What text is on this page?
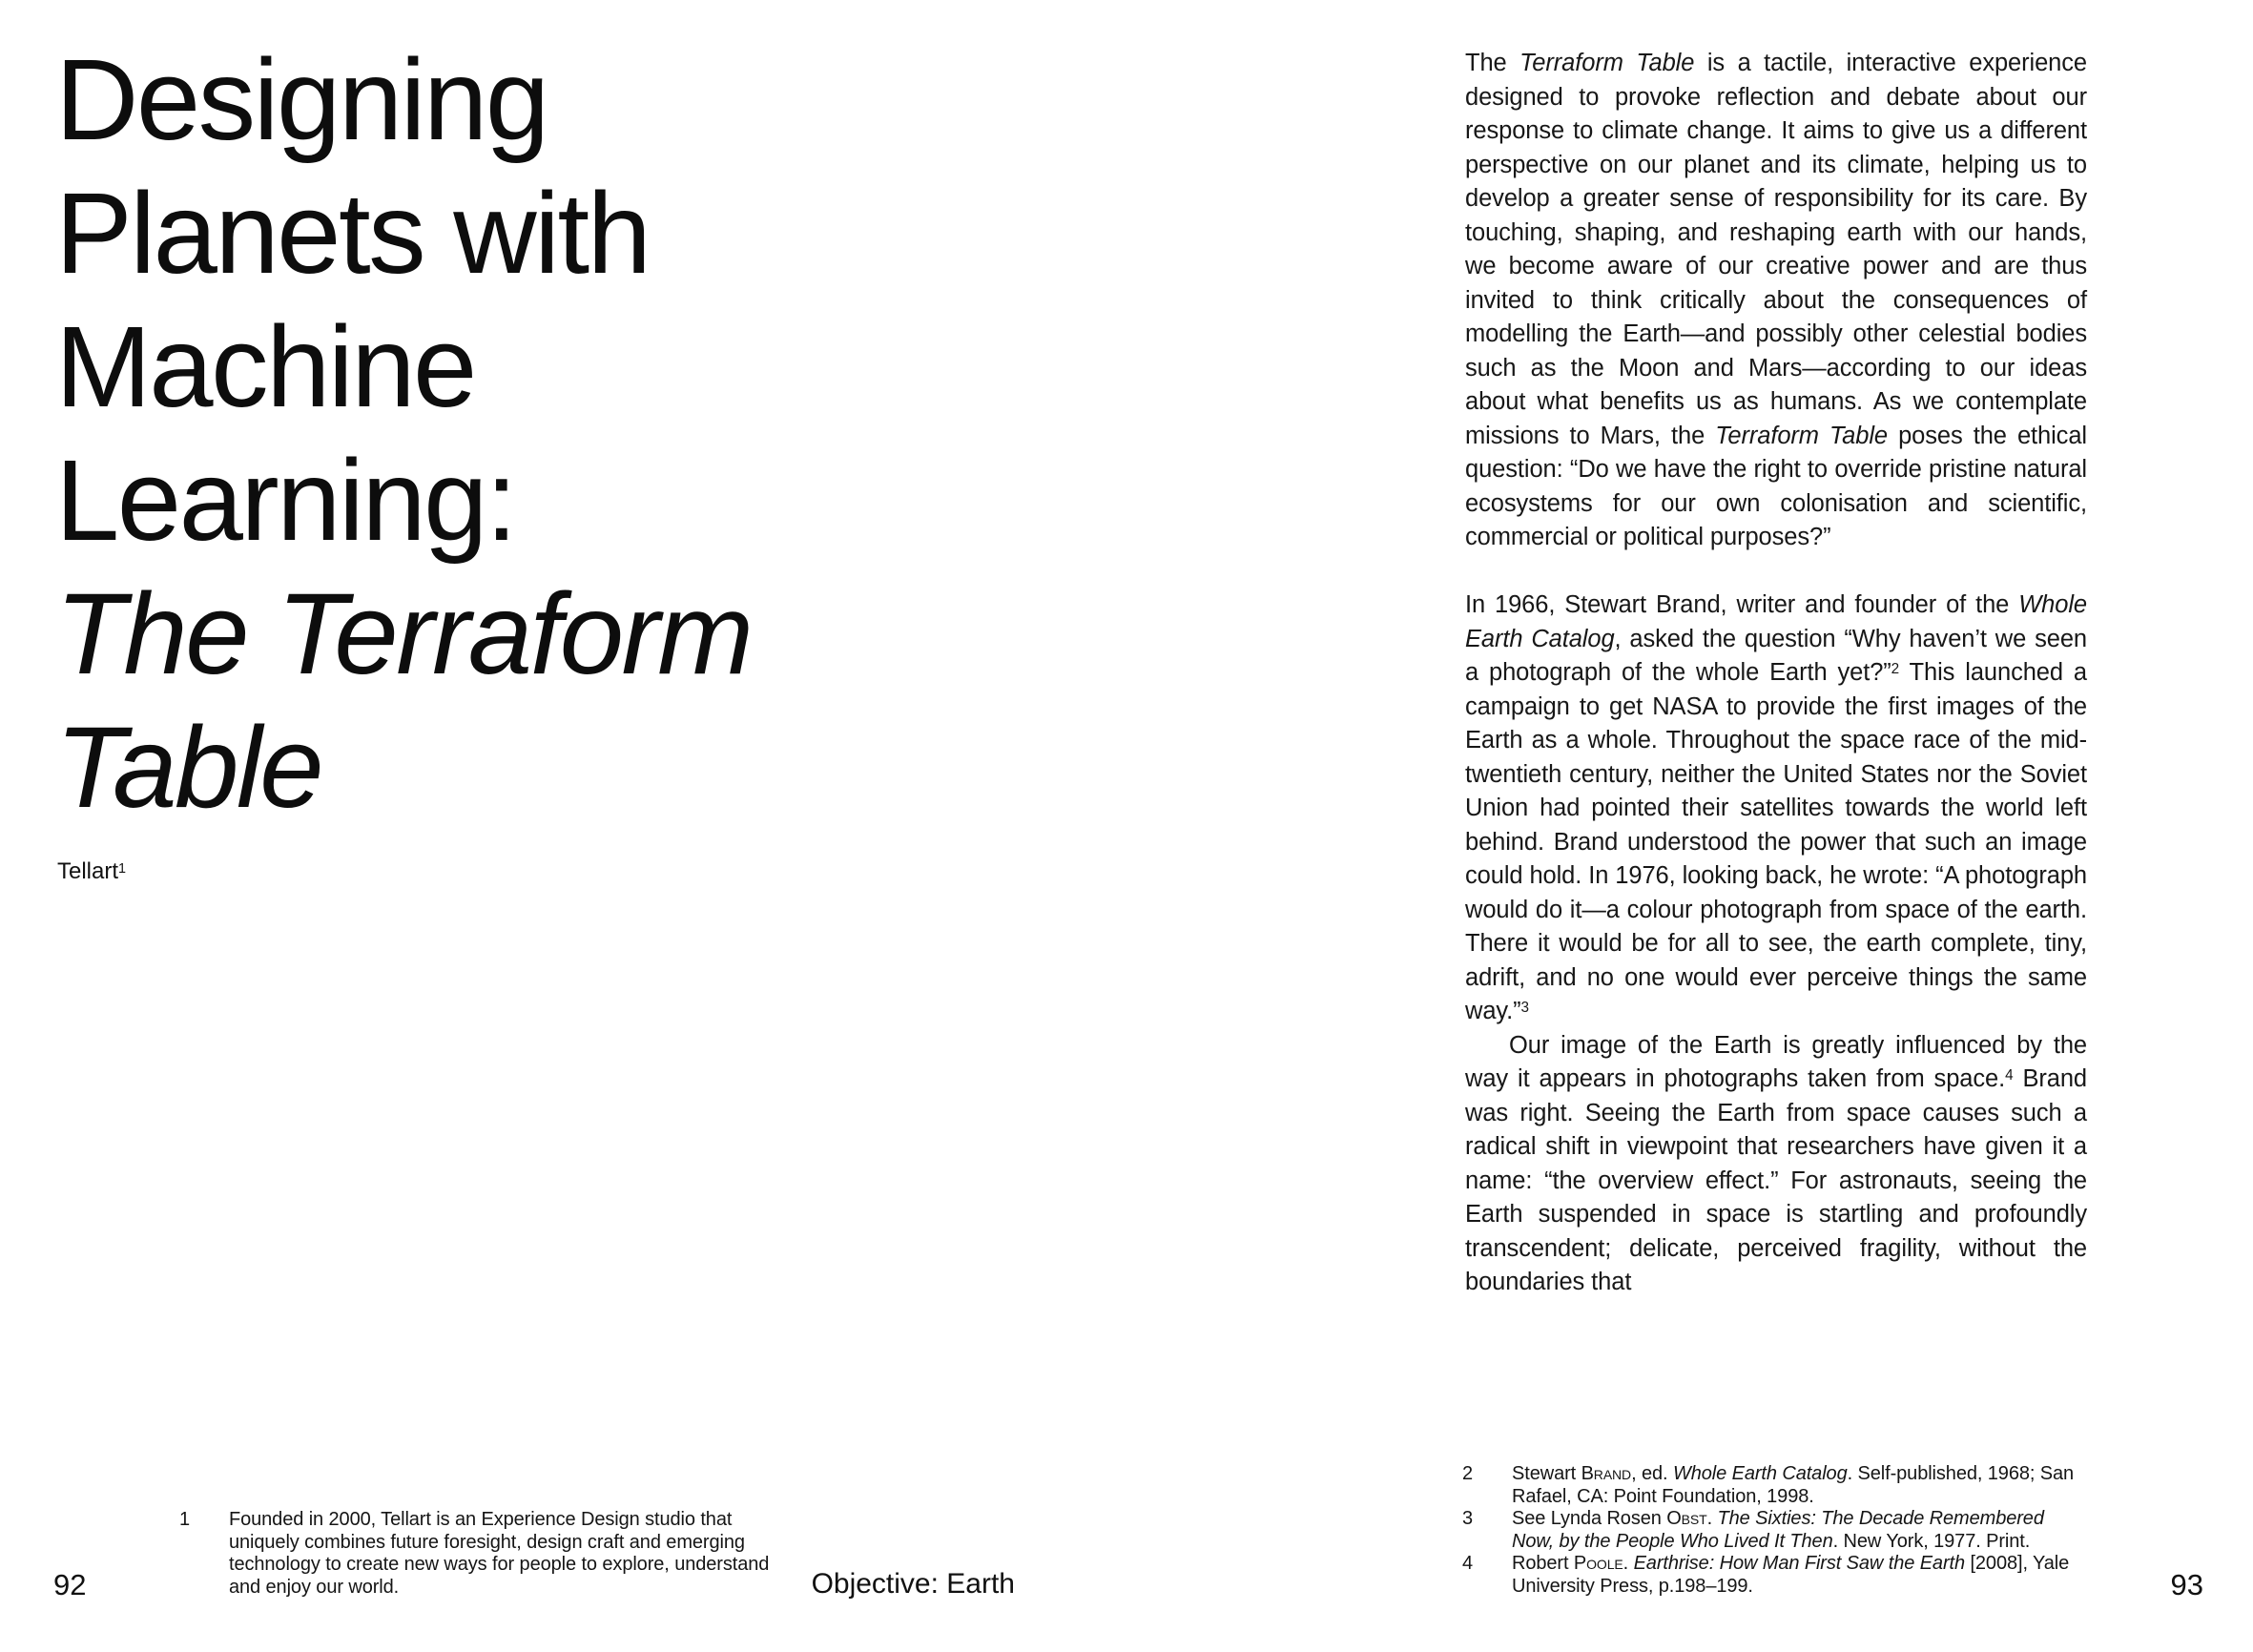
Designing
Planets with
Machine
Learning:
The Terraform
Table

Tellart$^1$

1	Founded in 2000, Tellart is an Experience Design studio that uniquely combines future foresight, design craft and emerging technology to create new ways for people to explore, understand and enjoy our world.

92	Objective: Earth

The Terraform Table is a tactile, interactive experience designed to provoke reflection and debate about our response to climate change. It aims to give us a different perspective on our planet and its climate, helping us to develop a greater sense of responsibility for its care. By touching, shaping, and reshaping earth with our hands, we become aware of our creative power and are thus invited to think critically about the consequences of modelling the Earth—and possibly other celestial bodies such as the Moon and Mars—according to our ideas about what benefits us as humans. As we contemplate missions to Mars, the Terraform Table poses the ethical question: “Do we have the right to override pristine natural ecosystems for our own colonisation and scientific, commercial or political purposes?”

In 1966, Stewart Brand, writer and founder of the Whole Earth Catalog, asked the question “Why haven’t we seen a photograph of the whole Earth yet?”$^2$ This launched a campaign to get NASA to provide the first images of the Earth as a whole. Throughout the space race of the mid-twentieth century, neither the United States nor the Soviet Union had pointed their satellites towards the world left behind. Brand understood the power that such an image could hold. In 1976, looking back, he wrote: “A photograph would do it—a colour photograph from space of the earth. There it would be for all to see, the earth complete, tiny, adrift, and no one would ever perceive things the same way.”$^3$

Our image of the Earth is greatly influenced by the way it appears in photographs taken from space.$^4$ Brand was right. Seeing the Earth from space causes such a radical shift in viewpoint that researchers have given it a name: “the overview effect.” For astronauts, seeing the Earth suspended in space is startling and profoundly transcendent; delicate, perceived fragility, without the boundaries that

2	Stewart Brand, ed. Whole Earth Catalog. Self-published, 1968; San Rafael, CA: Point Foundation, 1998.

3	See Lynda Rosen Obst. The Sixties: The Decade Remembered Now, by the People Who Lived It Then. New York, 1977. Print.

4	Robert Poole. Earthrise: How Man First Saw the Earth [2008], Yale University Press, p.198–199.	93
